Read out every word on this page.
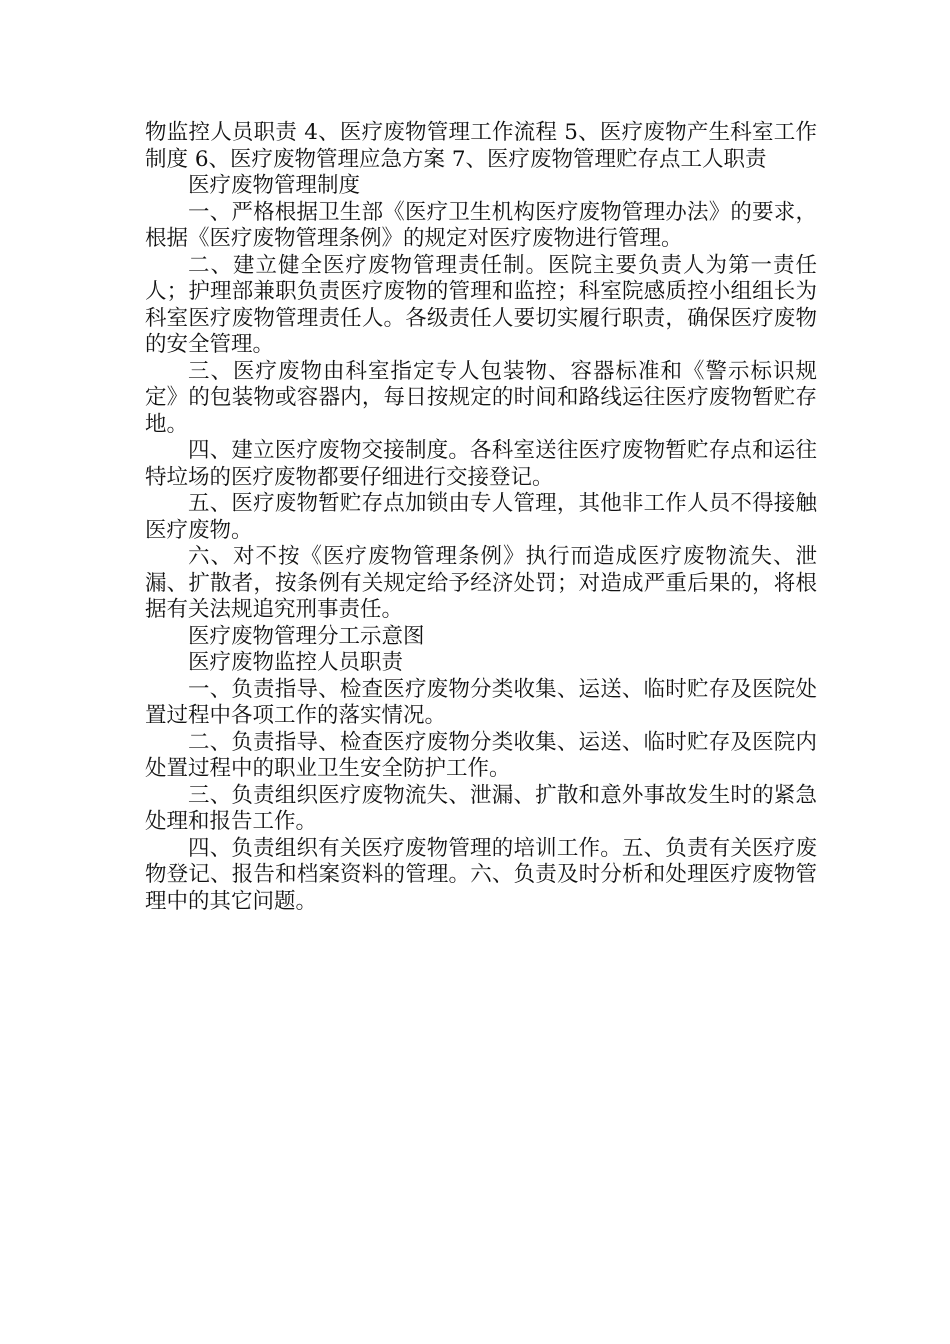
物监控人员职责 4、医疗废物管理工作流程 5、医疗废物产生科室工作制度 6、医疗废物管理应急方案 7、医疗废物管理贮存点工人职责

医疗废物管理制度

一、严格根据卫生部《医疗卫生机构医疗废物管理办法》的要求，根据《医疗废物管理条例》的规定对医疗废物进行管理。

二、建立健全医疗废物管理责任制。医院主要负责人为第一责任人；护理部兼职负责医疗废物的管理和监控；科室院感质控小组组长为科室医疗废物管理责任人。各级责任人要切实履行职责，确保医疗废物的安全管理。

三、医疗废物由科室指定专人包装物、容器标准和《警示标识规定》的包装物或容器内，每日按规定的时间和路线运往医疗废物暂贮存地。

四、建立医疗废物交接制度。各科室送往医疗废物暂贮存点和运往特垃场的医疗废物都要仔细进行交接登记。

五、医疗废物暂贮存点加锁由专人管理，其他非工作人员不得接触医疗废物。

六、对不按《医疗废物管理条例》执行而造成医疗废物流失、泄漏、扩散者，按条例有关规定给予经济处罚；对造成严重后果的，将根据有关法规追究刑事责任。

医疗废物管理分工示意图

医疗废物监控人员职责

一、负责指导、检查医疗废物分类收集、运送、临时贮存及医院处置过程中各项工作的落实情况。

二、负责指导、检查医疗废物分类收集、运送、临时贮存及医院内处置过程中的职业卫生安全防护工作。

三、负责组织医疗废物流失、泄漏、扩散和意外事故发生时的紧急处理和报告工作。

四、负责组织有关医疗废物管理的培训工作。五、负责有关医疗废物登记、报告和档案资料的管理。六、负责及时分析和处理医疗废物管理中的其它问题。
